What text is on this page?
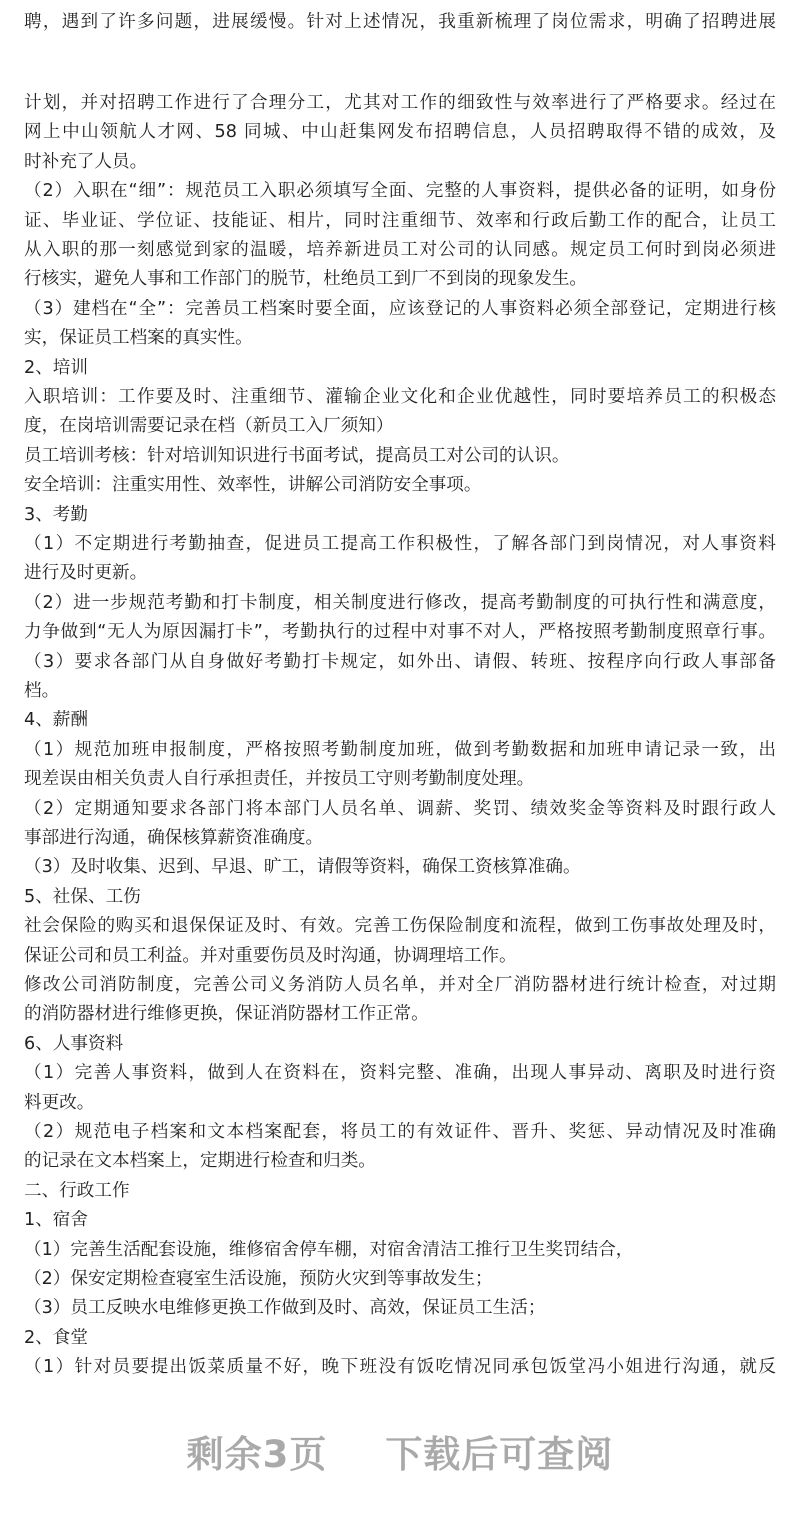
聘，遇到了许多问题，进展缓慢。针对上述情况，我重新梳理了岗位需求，明确了招聘进展
计划，并对招聘工作进行了合理分工，尤其对工作的细致性与效率进行了严格要求。经过在
网上中山领航人才网、58 同城、中山赶集网发布招聘信息，人员招聘取得不错的成效，及
时补充了人员。
（2）入职在“细”：规范员工入职必须填写全面、完整的人事资料，提供必备的证明，如身份
证、毕业证、学位证、技能证、相片，同时注重细节、效率和行政后勤工作的配合，让员工
从入职的那一刻感觉到家的温暖，培养新进员工对公司的认同感。规定员工何时到岗必须进
行核实，避免人事和工作部门的脱节，杜绝员工到厂不到岗的现象发生。
（3）建档在“全”：完善员工档案时要全面，应该登记的人事资料必须全部登记，定期进行核
实，保证员工档案的真实性。
2、培训
入职培训：工作要及时、注重细节、灌输企业文化和企业优越性，同时要培养员工的积极态
度，在岗培训需要记录在档（新员工入厂须知）
员工培训考核：针对培训知识进行书面考试，提高员工对公司的认识。
安全培训：注重实用性、效率性，讲解公司消防安全事项。
3、考勤
（1）不定期进行考勤抽查，促进员工提高工作积极性，了解各部门到岗情况，对人事资料
进行及时更新。
（2）进一步规范考勤和打卡制度，相关制度进行修改，提高考勤制度的可执行性和满意度，
力争做到“无人为原因漏打卡”，考勤执行的过程中对事不对人，严格按照考勤制度照章行事。
（3）要求各部门从自身做好考勤打卡规定，如外出、请假、转班、按程序向行政人事部备
档。
4、薪酬
（1）规范加班申报制度，严格按照考勤制度加班，做到考勤数据和加班申请记录一致，出
现差误由相关负责人自行承担责任，并按员工守则考勤制度处理。
（2）定期通知要求各部门将本部门人员名单、调薪、奖罚、绩效奖金等资料及时跟行政人
事部进行沟通，确保核算薪资准确度。
（3）及时收集、迟到、早退、旷工，请假等资料，确保工资核算准确。
5、社保、工伤
社会保险的购买和退保保证及时、有效。完善工伤保险制度和流程，做到工伤事故处理及时，
保证公司和员工利益。并对重要伤员及时沟通，协调理培工作。
修改公司消防制度，完善公司义务消防人员名单，并对全厂消防器材进行统计检查，对过期
的消防器材进行维修更换，保证消防器材工作正常。
6、人事资料
（1）完善人事资料，做到人在资料在，资料完整、准确，出现人事异动、离职及时进行资
料更改。
（2）规范电子档案和文本档案配套，将员工的有效证件、晋升、奖惩、异动情况及时准确
的记录在文本档案上，定期进行检查和归类。
二、行政工作
1、宿舍
（1）完善生活配套设施，维修宿舍停车棚，对宿舍清洁工推行卫生奖罚结合，
（2）保安定期检查寝室生活设施，预防火灾到等事故发生；
（3）员工反映水电维修更换工作做到及时、高效，保证员工生活；
2、食堂
（1）针对员要提出饭菜质量不好，晚下班没有饭吃情况同承包饭堂冯小姐进行沟通，就反
剩余3页 下载后可查阅
